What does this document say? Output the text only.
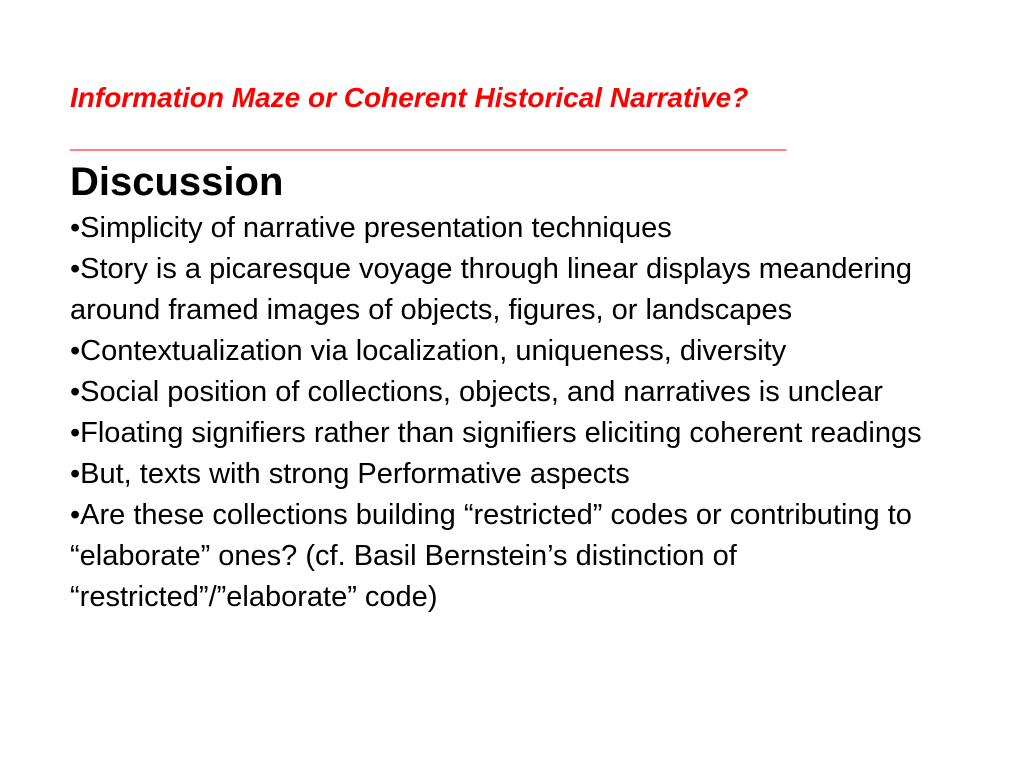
Information Maze or Coherent Historical Narrative?
______________________________________________
Discussion
•Simplicity of narrative presentation techniques
•Story is a picaresque voyage through linear displays meandering around framed images of objects, figures, or landscapes
•Contextualization via localization, uniqueness, diversity
•Social position of collections, objects, and narratives is unclear
•Floating signifiers rather than signifiers eliciting coherent readings
•But, texts with strong Performative aspects
•Are these collections building “restricted” codes or contributing to “elaborate” ones? (cf. Basil Bernstein’s distinction of “restricted”/”elaborate” code)
